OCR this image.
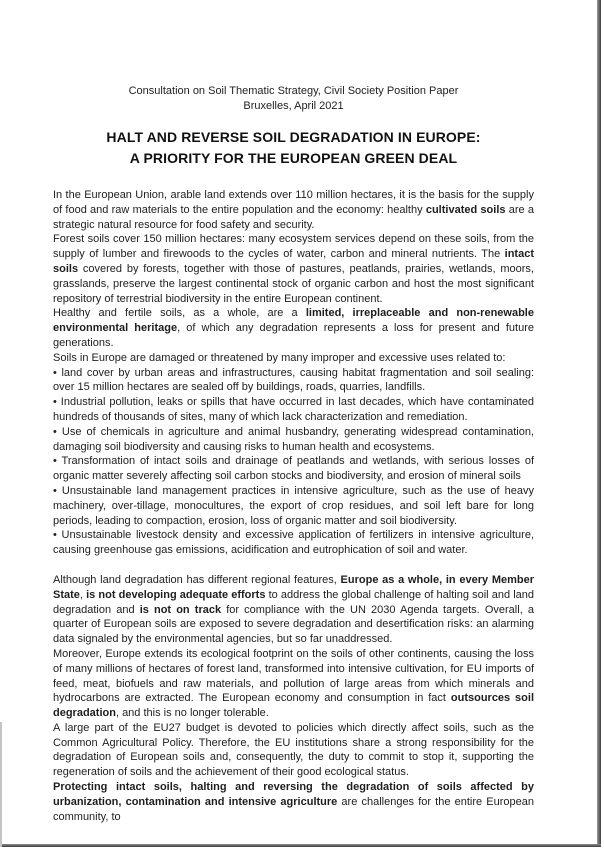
Consultation on Soil Thematic Strategy, Civil Society Position Paper
Bruxelles, April 2021
HALT AND REVERSE SOIL DEGRADATION IN EUROPE:
A PRIORITY FOR THE EUROPEAN GREEN DEAL

In the European Union, arable land extends over 110 million hectares, it is the basis for the supply of food and raw materials to the entire population and the economy: healthy cultivated soils are a strategic natural resource for food safety and security.

Forest soils cover 150 million hectares: many ecosystem services depend on these soils, from the supply of lumber and firewoods to the cycles of water, carbon and mineral nutrients. The intact soils covered by forests, together with those of pastures, peatlands, prairies, wetlands, moors, grasslands, preserve the largest continental stock of organic carbon and host the most significant repository of terrestrial biodiversity in the entire European continent.

Healthy and fertile soils, as a whole, are a limited, irreplaceable and non-renewable environmental heritage, of which any degradation represents a loss for present and future generations.

Soils in Europe are damaged or threatened by many improper and excessive uses related to:

• land cover by urban areas and infrastructures, causing habitat fragmentation and soil sealing: over 15 million hectares are sealed off by buildings, roads, quarries, landfills.

• Industrial pollution, leaks or spills that have occurred in last decades, which have contaminated hundreds of thousands of sites, many of which lack characterization and remediation.

• Use of chemicals in agriculture and animal husbandry, generating widespread contamination, damaging soil biodiversity and causing risks to human health and ecosystems.

• Transformation of intact soils and drainage of peatlands and wetlands, with serious losses of organic matter severely affecting soil carbon stocks and biodiversity, and erosion of mineral soils

• Unsustainable land management practices in intensive agriculture, such as the use of heavy machinery, over-tillage, monocultures, the export of crop residues, and soil left bare for long periods, leading to compaction, erosion, loss of organic matter and soil biodiversity.

• Unsustainable livestock density and excessive application of fertilizers in intensive agriculture, causing greenhouse gas emissions, acidification and eutrophication of soil and water.

Although land degradation has different regional features, Europe as a whole, in every Member State, is not developing adequate efforts to address the global challenge of halting soil and land degradation and is not on track for compliance with the UN 2030 Agenda targets. Overall, a quarter of European soils are exposed to severe degradation and desertification risks: an alarming data signaled by the environmental agencies, but so far unaddressed.

Moreover, Europe extends its ecological footprint on the soils of other continents, causing the loss of many millions of hectares of forest land, transformed into intensive cultivation, for EU imports of feed, meat, biofuels and raw materials, and pollution of large areas from which minerals and hydrocarbons are extracted. The European economy and consumption in fact outsources soil degradation, and this is no longer tolerable.

A large part of the EU27 budget is devoted to policies which directly affect soils, such as the Common Agricultural Policy. Therefore, the EU institutions share a strong responsibility for the degradation of European soils and, consequently, the duty to commit to stop it, supporting the regeneration of soils and the achievement of their good ecological status.

Protecting intact soils, halting and reversing the degradation of soils affected by urbanization, contamination and intensive agriculture are challenges for the entire European community, to
